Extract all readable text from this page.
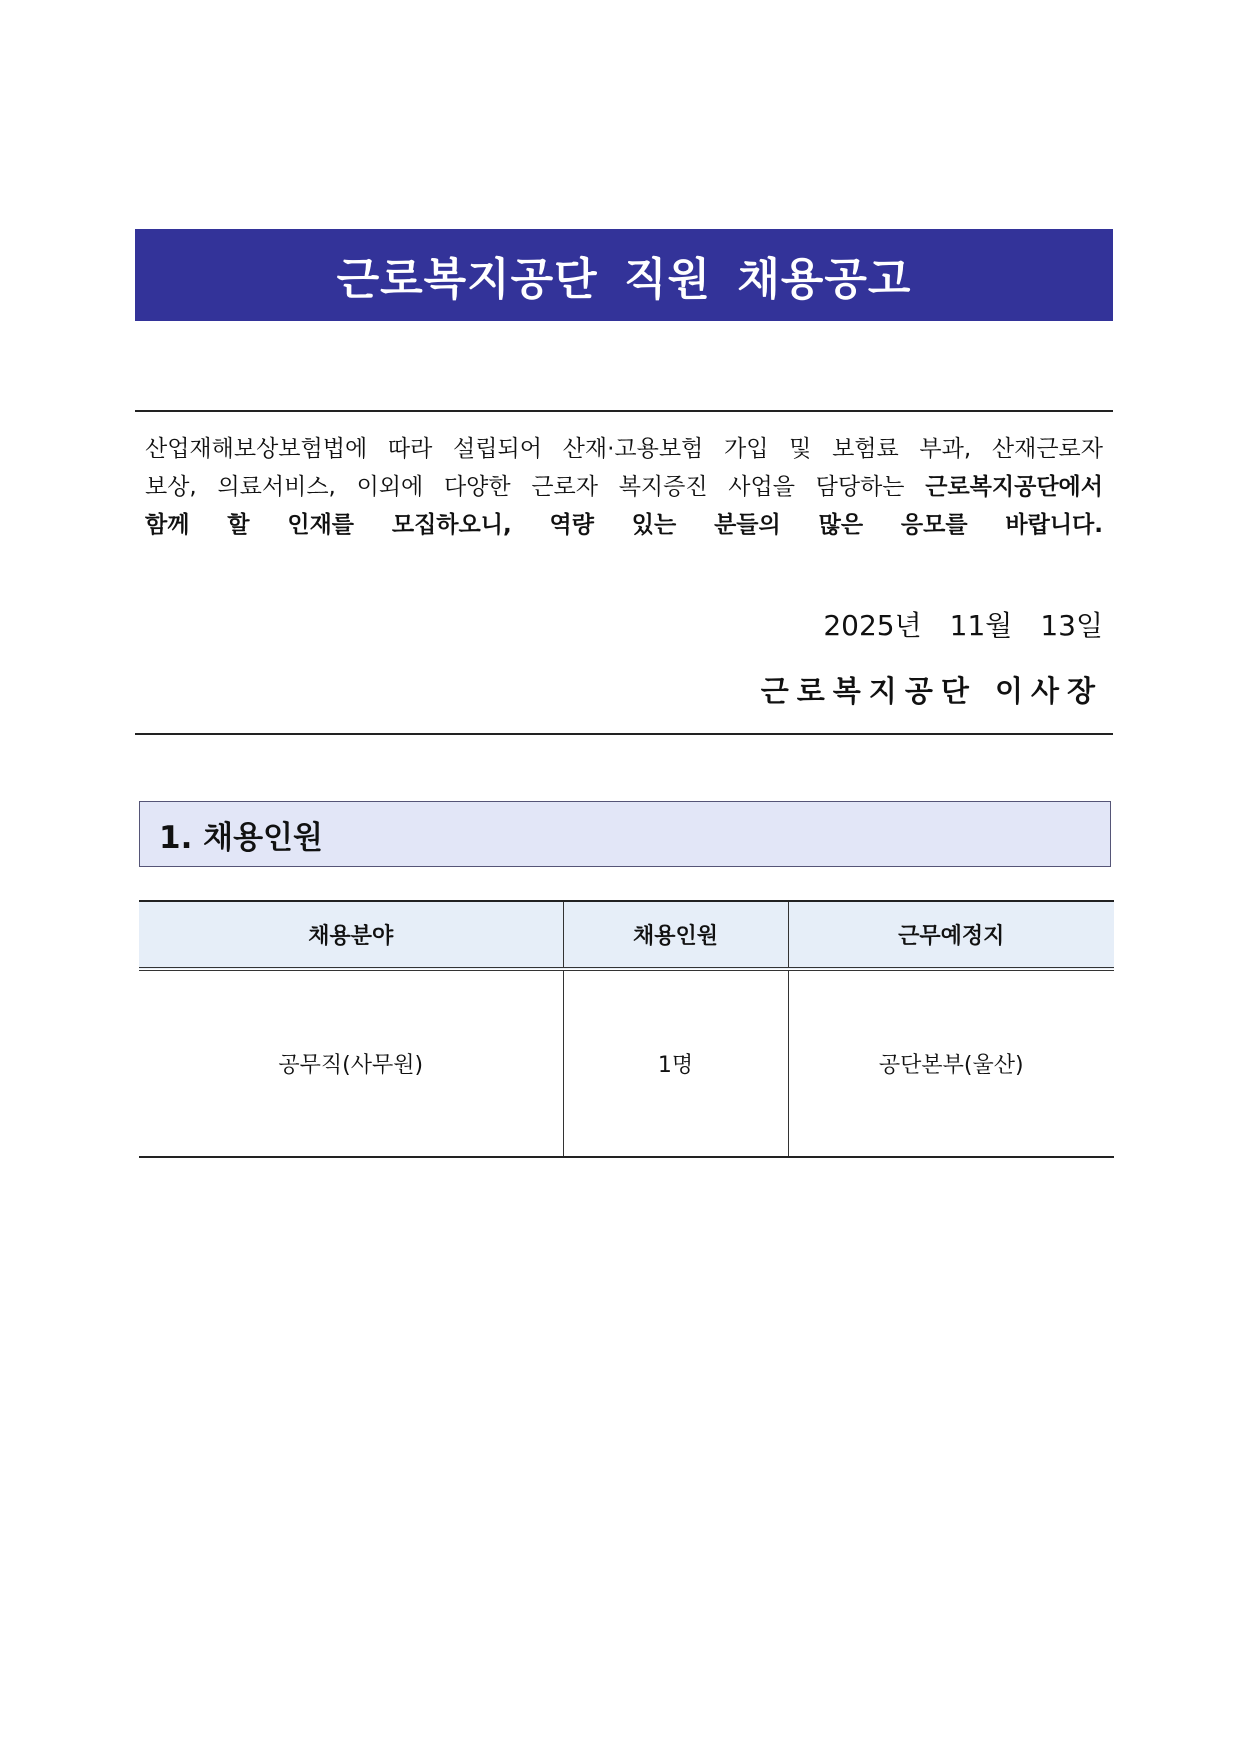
근로복지공단 직원 채용공고
산업재해보상보험법에 따라 설립되어 산재·고용보험 가입 및 보험료 부과, 산재근로자
보상, 의료서비스, 이외에 다양한 근로자 복지증진 사업을 담당하는 근로복지공단에서
함께 할 인재를 모집하오니, 역량 있는 분들의 많은 응모를 바랍니다.
2025년 11월 13일
근로복지공단 이사장
1. 채용인원
채용분야	채용인원	근무예정지
공무직(사무원)	1명	공단본부(울산)
